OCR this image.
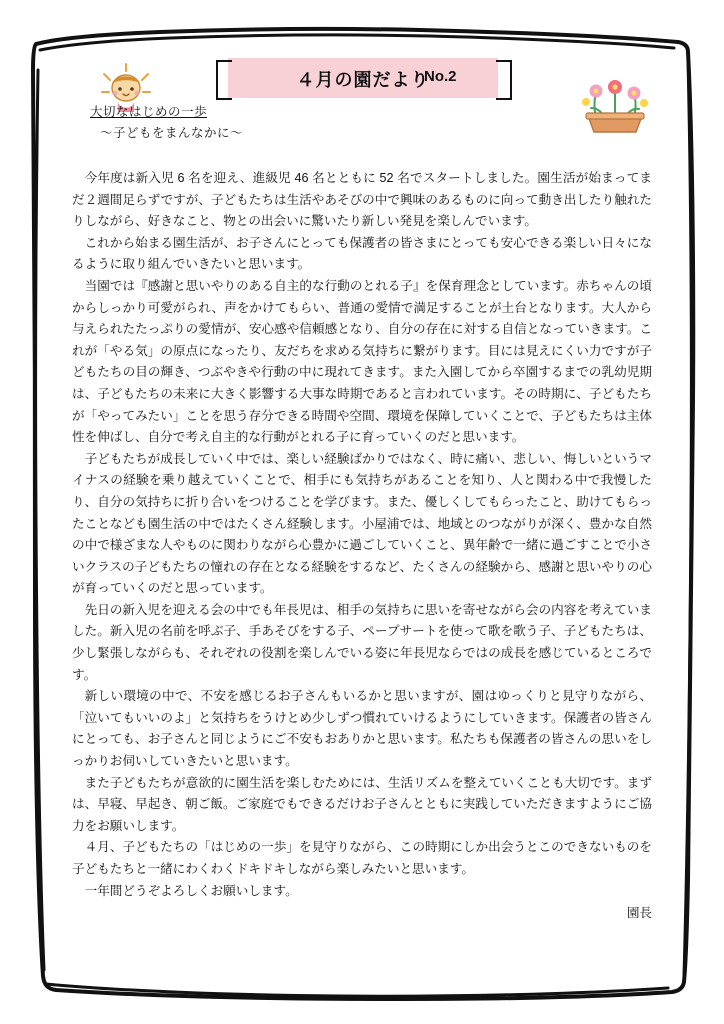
４月の園だより
No.2
大切なはじめの一歩
〜子どもをまんなかに〜

今年度は新入児 6 名を迎え、進級児 46 名とともに 52 名でスタートしました。園生活が始まってまだ２週間足らずですが、子どもたちは生活やあそびの中で興味のあるものに向って動き出したり触れたりしながら、好きなこと、物との出会いに驚いたり新しい発見を楽しんでいます。

これから始まる園生活が、お子さんにとっても保護者の皆さまにとっても安心できる楽しい日々になるように取り組んでいきたいと思います。

当園では『感謝と思いやりのある自主的な行動のとれる子』を保育理念としています。赤ちゃんの頃からしっかり可愛がられ、声をかけてもらい、普通の愛情で満足することが土台となります。大人から与えられたたっぷりの愛情が、安心感や信頼感となり、自分の存在に対する自信となっていきます。これが「やる気」の原点になったり、友だちを求める気持ちに繋がります。目には見えにくい力ですが子どもたちの目の輝き、つぶやきや行動の中に現れてきます。また入園してから卒園するまでの乳幼児期は、子どもたちの未来に大きく影響する大事な時期であると言われています。その時期に、子どもたちが「やってみたい」ことを思う存分できる時間や空間、環境を保障していくことで、子どもたちは主体性を伸ばし、自分で考え自主的な行動がとれる子に育っていくのだと思います。

子どもたちが成長していく中では、楽しい経験ばかりではなく、時に痛い、悲しい、悔しいというマイナスの経験を乗り越えていくことで、相手にも気持ちがあることを知り、人と関わる中で我慢したり、自分の気持ちに折り合いをつけることを学びます。また、優しくしてもらったこと、助けてもらったことなども園生活の中ではたくさん経験します。小屋浦では、地域とのつながりが深く、豊かな自然の中で様ざまな人やものに関わりながら心豊かに過ごしていくこと、異年齢で一緒に過ごすことで小さいクラスの子どもたちの憧れの存在となる経験をするなど、たくさんの経験から、感謝と思いやりの心が育っていくのだと思っています。

先日の新入児を迎える会の中でも年長児は、相手の気持ちに思いを寄せながら会の内容を考えていました。新入児の名前を呼ぶ子、手あそびをする子、ペープサートを使って歌を歌う子、子どもたちは、少し緊張しながらも、それぞれの役割を楽しんでいる姿に年長児ならではの成長を感じているところです。

新しい環境の中で、不安を感じるお子さんもいるかと思いますが、園はゆっくりと見守りながら、「泣いてもいいのよ」と気持ちをうけとめ少しずつ慣れていけるようにしていきます。保護者の皆さんにとっても、お子さんと同じようにご不安もおありかと思います。私たちも保護者の皆さんの思いをしっかりお伺いしていきたいと思います。

また子どもたちが意欲的に園生活を楽しむためには、生活リズムを整えていくことも大切です。まずは、早寝、早起き、朝ご飯。ご家庭でもできるだけお子さんとともに実践していただきますようにご協力をお願いします。

４月、子どもたちの「はじめの一歩」を見守りながら、この時期にしか出会うとこのできないものを子どもたちと一緒にわくわくドキドキしながら楽しみたいと思います。

一年間どうぞよろしくお願いします。

園長
